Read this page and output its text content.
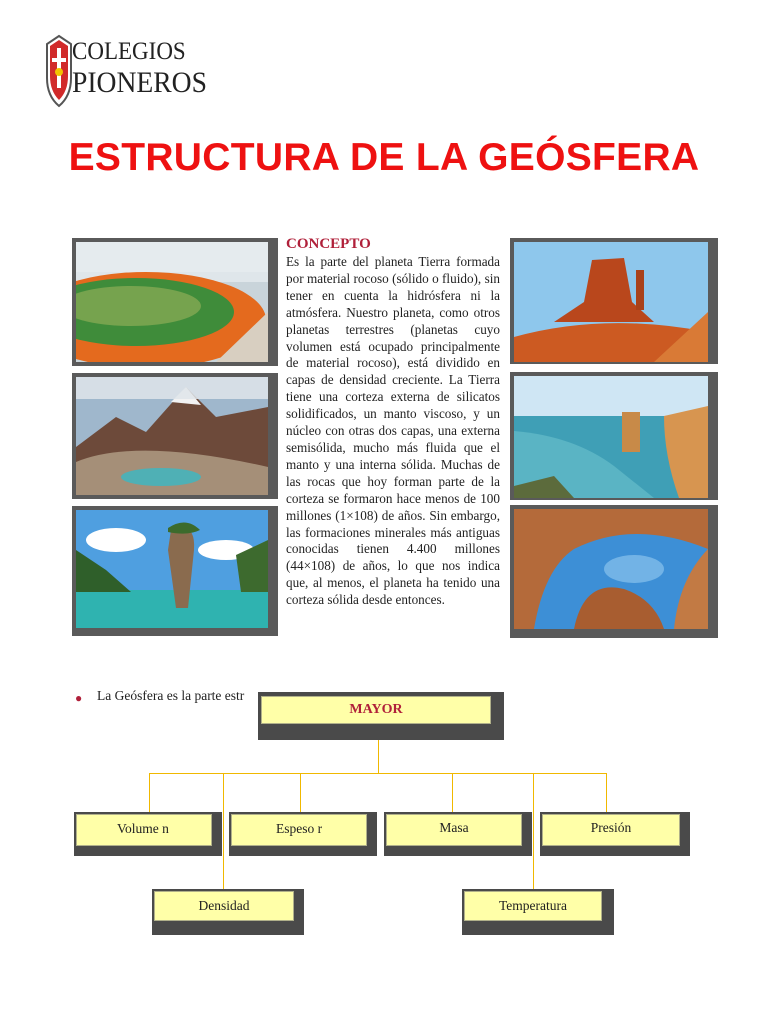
COLEGIOS
PIONEROS
ESTRUCTURA DE LA GEÓSFERA
CONCEPTO
Es la parte del planeta Tierra formada por material rocoso (sólido o fluido), sin tener en cuenta la hidrósfera ni la atmósfera. Nuestro planeta, como otros planetas terrestres (planetas cuyo volumen está ocupado principalmente de material rocoso), está dividido en capas de densidad creciente. La Tierra tiene una corteza externa de silicatos solidificados, un manto viscoso, y un núcleo con otras dos capas, una externa semisólida, mucho más fluida que el manto y una interna sólida. Muchas de las rocas que hoy forman parte de la corteza se formaron hace menos de 100 millones (1×108) de años. Sin embargo, las formaciones minerales más antiguas conocidas tienen 4.400 millones (44×108) de años, lo que nos indica que, al menos, el planeta ha tenido una corteza sólida desde entonces.
● La Geósfera es la parte estr
MAYOR
Volume n	Espeso r	Masa	Presión
Densidad	Temperatura
